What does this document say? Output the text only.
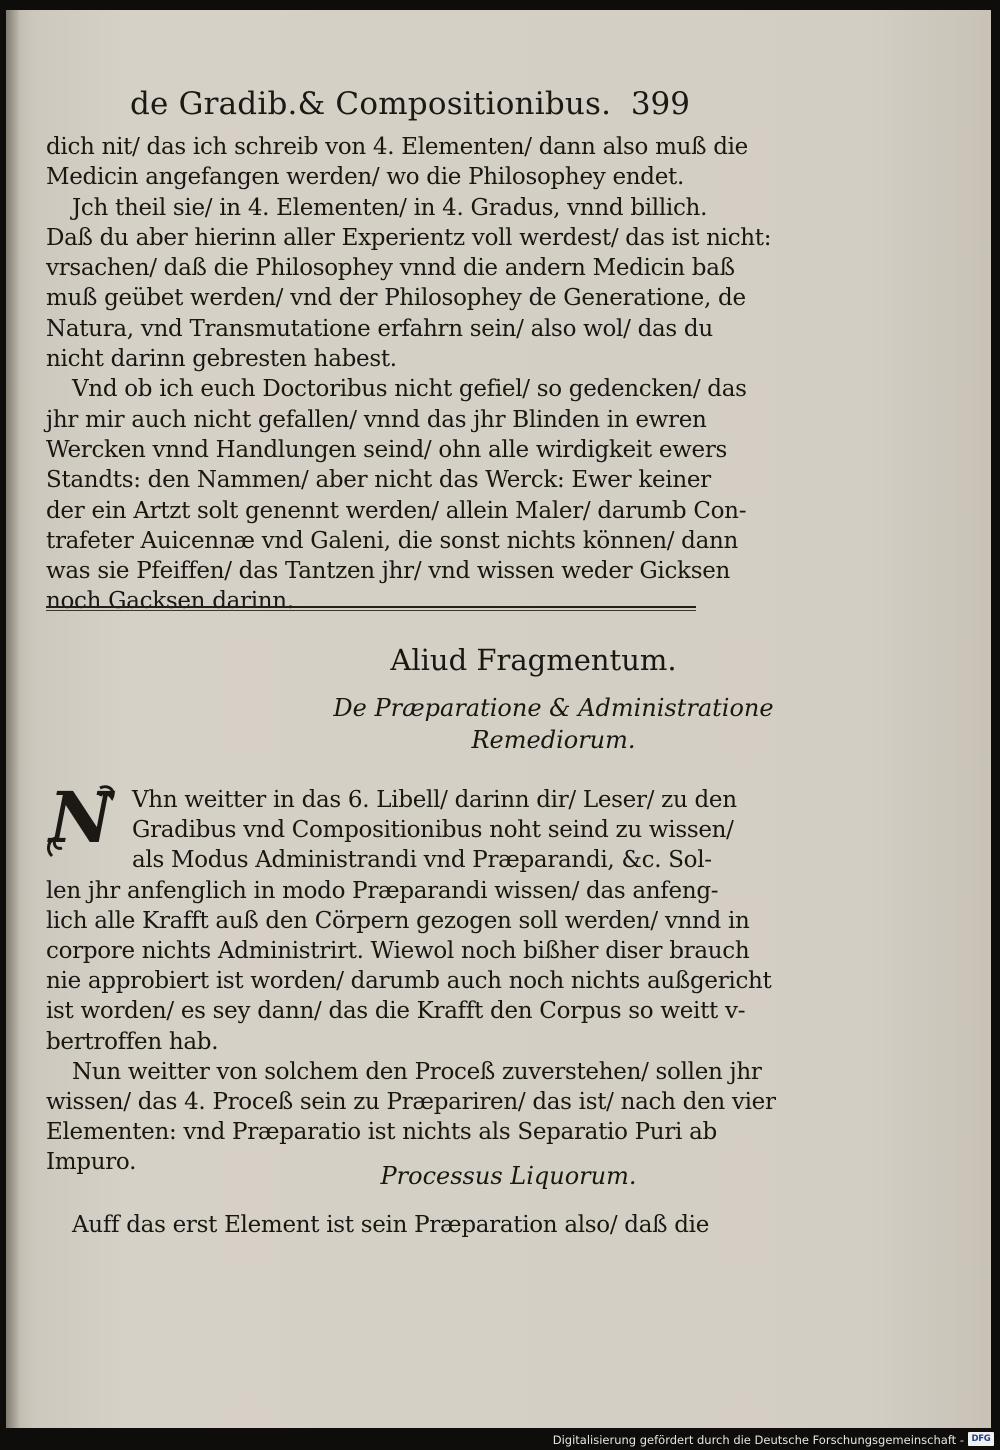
de Gradib.& Compositionibus. 399
dich nit/ das ich schreib von 4. Elementen/ dann also muß die
Medicin angefangen werden/ wo die Philosophey endet.
Jch theil sie/ in 4. Elementen/ in 4. Gradus, vnnd billich.
Daß du aber hierinn aller Experientz voll werdest/ das ist nicht:
vrsachen/ daß die Philosophey vnnd die andern Medicin baß
muß geübet werden/ vnd der Philosophey de Generatione, de
Natura, vnd Transmutatione erfahrn sein/ also wol/ das du
nicht darinn gebresten habest.
Vnd ob ich euch Doctoribus nicht gefiel/ so gedencken/ das
jhr mir auch nicht gefallen/ vnnd das jhr Blinden in ewren
Wercken vnnd Handlungen seind/ ohn alle wirdigkeit ewers
Standts: den Nammen/ aber nicht das Werck: Ewer keiner
der ein Artzt solt genennt werden/ allein Maler/ darumb Con-
trafeter Auicennæ vnd Galeni, die sonst nichts können/ dann
was sie Pfeiffen/ das Tantzen jhr/ vnd wissen weder Gicksen
noch Gacksen darinn.
Aliud Fragmentum.
De Præparatione & Administratione
Remediorum.
N Vhn weitter in das 6. Libell/ darinn dir/ Leser/ zu den
Gradibus vnd Compositionibus noht seind zu wissen/
als Modus Administrandi vnd Præparandi, &c. Sol-
len jhr anfenglich in modo Præparandi wissen/ das anfeng-
lich alle Krafft auß den Cörpern gezogen soll werden/ vnnd in
corpore nichts Administrirt. Wiewol noch bißher diser brauch
nie approbiert ist worden/ darumb auch noch nichts außgericht
ist worden/ es sey dann/ das die Krafft den Corpus so weitt v-
bertroffen hab.
Nun weitter von solchem den Proceß zuverstehen/ sollen jhr
wissen/ das 4. Proceß sein zu Præpariren/ das ist/ nach den vier
Elementen: vnd Præparatio ist nichts als Separatio Puri ab
Impuro.	Processus Liquorum.
Auff das erst Element ist sein Præparation also/ daß die
Digitalisierung gefördert durch die Deutsche Forschungsgemeinschaft - DFG
